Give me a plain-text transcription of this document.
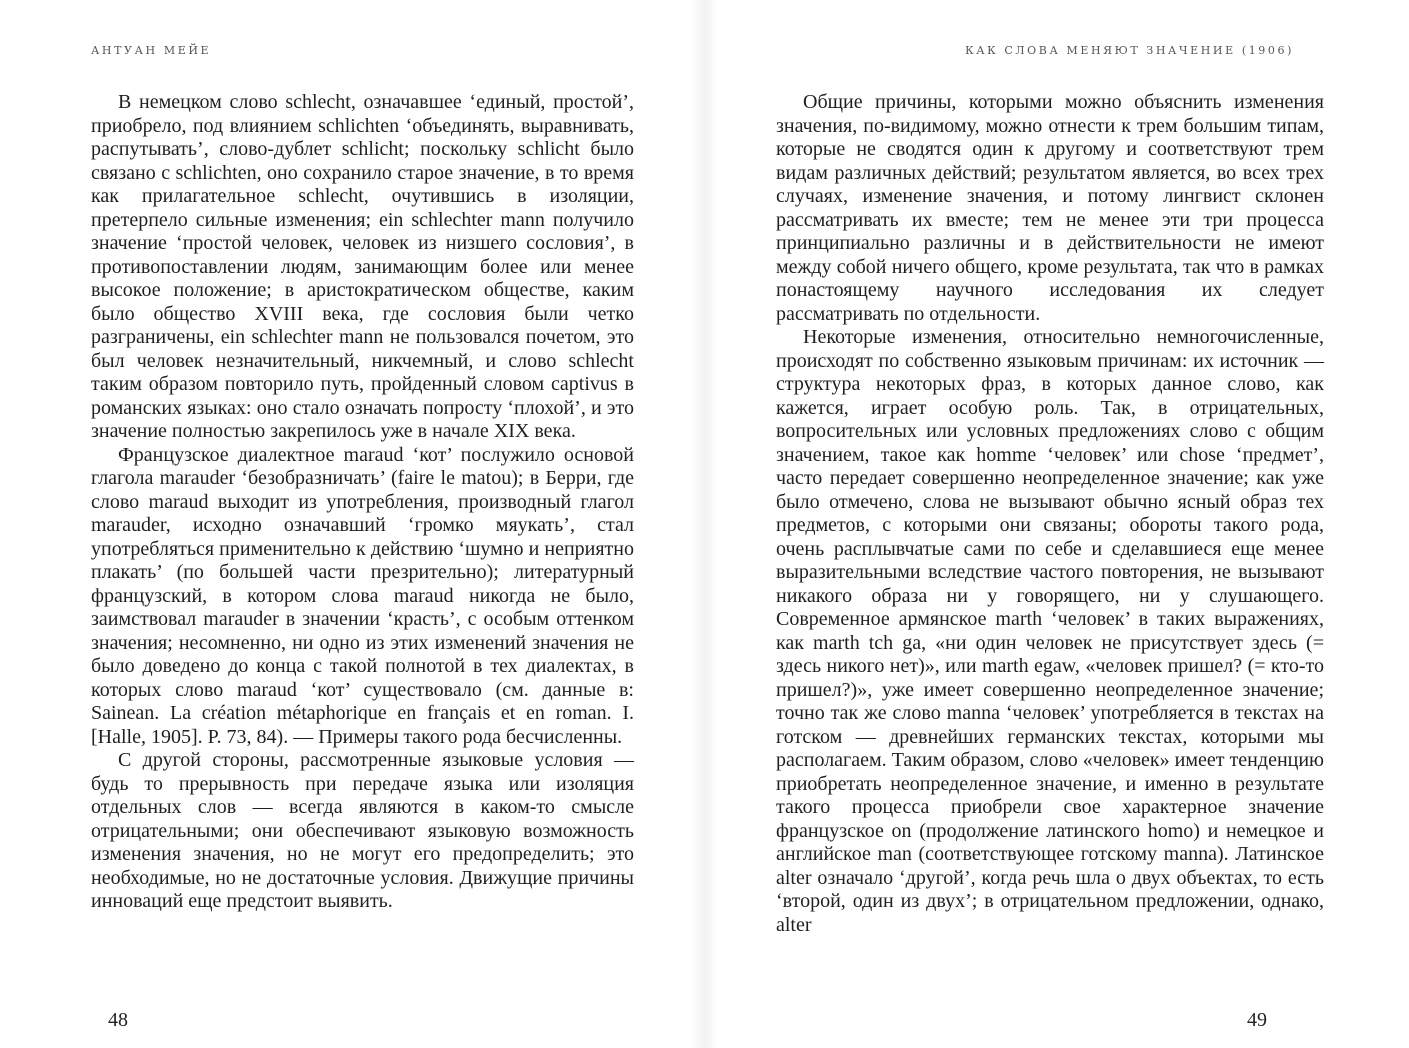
АНТУАН МЕЙЕ

В немецком слово schlecht, означавшее ‘единый, простой’, приобрело, под влиянием schlichten ‘объединять, выравнивать, распутывать’, слово-дублет schlicht; поскольку schlicht было связано с schlichten, оно сохранило старое значение, в то время как прилагательное schlecht, очутившись в изоляции, претерпело сильные изменения; ein schlechter mann получило значение ‘простой человек, человек из низшего сословия’, в противопоставлении людям, занимающим более или менее высокое положение; в аристократическом обществе, каким было общество XVIII века, где сословия были четко разграничены, ein schlechter mann не пользовался почетом, это был человек незначительный, никчемный, и слово schlecht таким образом повторило путь, пройденный словом captivus в романских языках: оно стало означать попросту ‘плохой’, и это значение полностью закрепилось уже в начале XIX века.

Французское диалектное maraud ‘кот’ послужило основой глагола marauder ‘безобразничать’ (faire le matou); в Берри, где слово maraud выходит из употребления, производный глагол marauder, исходно означавший ‘громко мяукать’, стал употребляться применительно к действию ‘шумно и неприятно плакать’ (по большей части презрительно); литературный французский, в котором слова maraud никогда не было, заимствовал marauder в значении ‘красть’, с особым оттенком значения; несомненно, ни одно из этих изменений значения не было доведено до конца с такой полнотой в тех диалектах, в которых слово maraud ‘кот’ существовало (см. данные в: Sainean. La création métaphorique en français et en roman. I. [Halle, 1905]. P. 73, 84). — Примеры такого рода бесчисленны.

С другой стороны, рассмотренные языковые условия — будь то прерывность при передаче языка или изоляция отдельных слов — всегда являются в каком-то смысле отрицательными; они обеспечивают языковую возможность изменения значения, но не могут его предопределить; это необходимые, но не достаточные условия. Движущие причины инноваций еще предстоит выявить.

48
КАК СЛОВА МЕНЯЮТ ЗНАЧЕНИЕ (1906)

Общие причины, которыми можно объяснить изменения значения, по-видимому, можно отнести к трем большим типам, которые не сводятся один к другому и соответствуют трем видам различных действий; результатом является, во всех трех случаях, изменение значения, и потому лингвист склонен рассматривать их вместе; тем не менее эти три процесса принципиально различны и в действительности не имеют между собой ничего общего, кроме результата, так что в рамках понастоящему научного исследования их следует рассматривать по отдельности.

Некоторые изменения, относительно немногочисленные, происходят по собственно языковым причинам: их источник — структура некоторых фраз, в которых данное слово, как кажется, играет особую роль. Так, в отрицательных, вопросительных или условных предложениях слово с общим значением, такое как homme ‘человек’ или chose ‘предмет’, часто передает совершенно неопределенное значение; как уже было отмечено, слова не вызывают обычно ясный образ тех предметов, с которыми они связаны; обороты такого рода, очень расплывчатые сами по себе и сделавшиеся еще менее выразительными вследствие частого повторения, не вызывают никакого образа ни у говорящего, ни у слушающего. Современное армянское marth ‘человек’ в таких выражениях, как marth tch ga, «ни один человек не присутствует здесь (= здесь никого нет)», или marth egaw, «человек пришел? (= кто-то пришел?)», уже имеет совершенно неопределенное значение; точно так же слово manna ‘человек’ употребляется в текстах на готском — древнейших германских текстах, которыми мы располагаем. Таким образом, слово «человек» имеет тенденцию приобретать неопределенное значение, и именно в результате такого процесса приобрели свое характерное значение французское on (продолжение латинского homo) и немецкое и английское man (соответствующее готскому manna). Латинское alter означало ‘другой’, когда речь шла о двух объектах, то есть ‘второй, один из двух’; в отрицательном предложении, однако, alter

49
